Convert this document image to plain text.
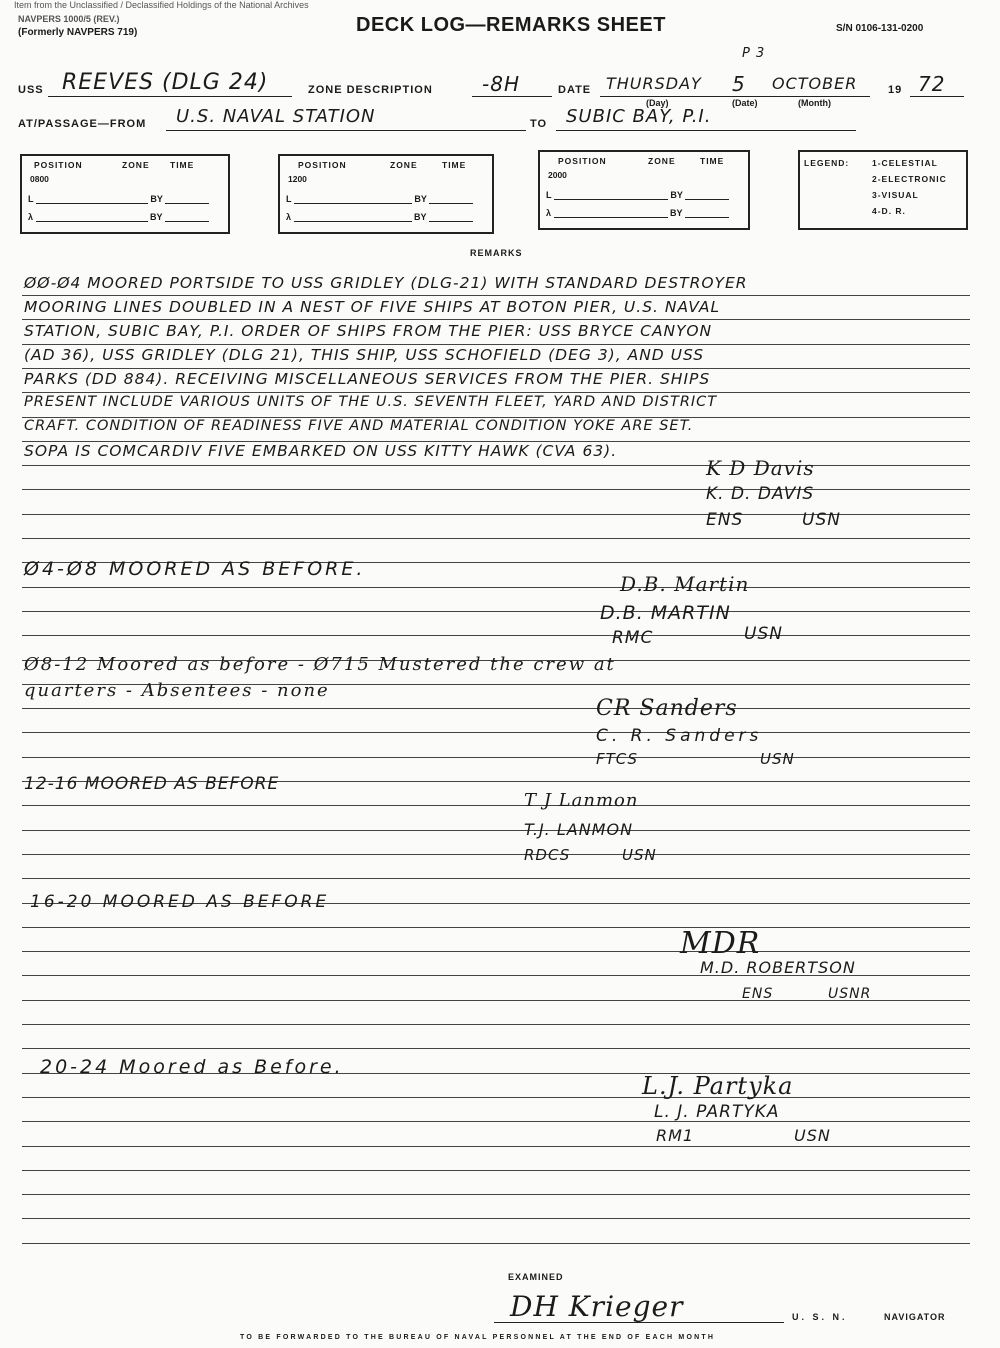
Item from the Unclassified / Declassified Holdings of the National Archives
NAVPERS 1000/5 (REV.)
(Formerly NAVPERS 719)	DECK LOG—REMARKS SHEET	S/N 0106-131-0200
P 3
USS REEVES (DLG 24)	ZONE DESCRIPTION -8H	DATE THURSDAY 5 OCTOBER	19 72
(Day)	(Date)	(Month)
AT/PASSAGE—FROM U.S. NAVAL STATION	TO SUBIC BAY, P.I.
POSITION	ZONE TIME
0800
L	BY
λ	BY
POSITION	ZONE	TIME
1200
L	BY
λ	BY
POSITION	ZONE	TIME
2000
L	BY
λ	BY
LEGEND:	1-CELESTIAL
2-ELECTRONIC
3-VISUAL
4-D. R.
REMARKS
ØØ-Ø4 MOORED PORTSIDE TO USS GRIDLEY (DLG-21) WITH STANDARD DESTROYER
MOORING LINES DOUBLED IN A NEST OF FIVE SHIPS AT BOTON PIER, U.S. NAVAL
STATION, SUBIC BAY, P.I. ORDER OF SHIPS FROM THE PIER: USS BRYCE CANYON
(AD 36), USS GRIDLEY (DLG 21), THIS SHIP, USS SCHOFIELD (DEG 3), AND USS
PARKS (DD 884). RECEIVING MISCELLANEOUS SERVICES FROM THE PIER. SHIPS
PRESENT INCLUDE VARIOUS UNITS OF THE U.S. SEVENTH FLEET, YARD AND DISTRICT
CRAFT. CONDITION OF READINESS FIVE AND MATERIAL CONDITION YOKE ARE SET.
SOPA IS COMCARDIV FIVE EMBARKED ON USS KITTY HAWK (CVA 63).
K D Davis
K. D. DAVIS
ENS	USN
Ø4-Ø8 MOORED AS BEFORE.
D.B. Martin
D.B. MARTIN
RMC	USN
Ø8-12 Moored as before - Ø715 Mustered the crew at
quarters - Absentees - none
CR Sanders
C. R. Sanders
FTCS	USN
12-16 MOORED AS BEFORE
T J Lanmon
T.J. LANMON
RDCS	USN
16-20 MOORED AS BEFORE
MDR
M.D. ROBERTSON
ENS	USNR
20-24 Moored as Before.
L.J. Partyka
L. J. PARTYKA
RM1	USN
EXAMINED
DH Krieger	U. S. N.	NAVIGATOR
TO BE FORWARDED TO THE BUREAU OF NAVAL PERSONNEL AT THE END OF EACH MONTH
